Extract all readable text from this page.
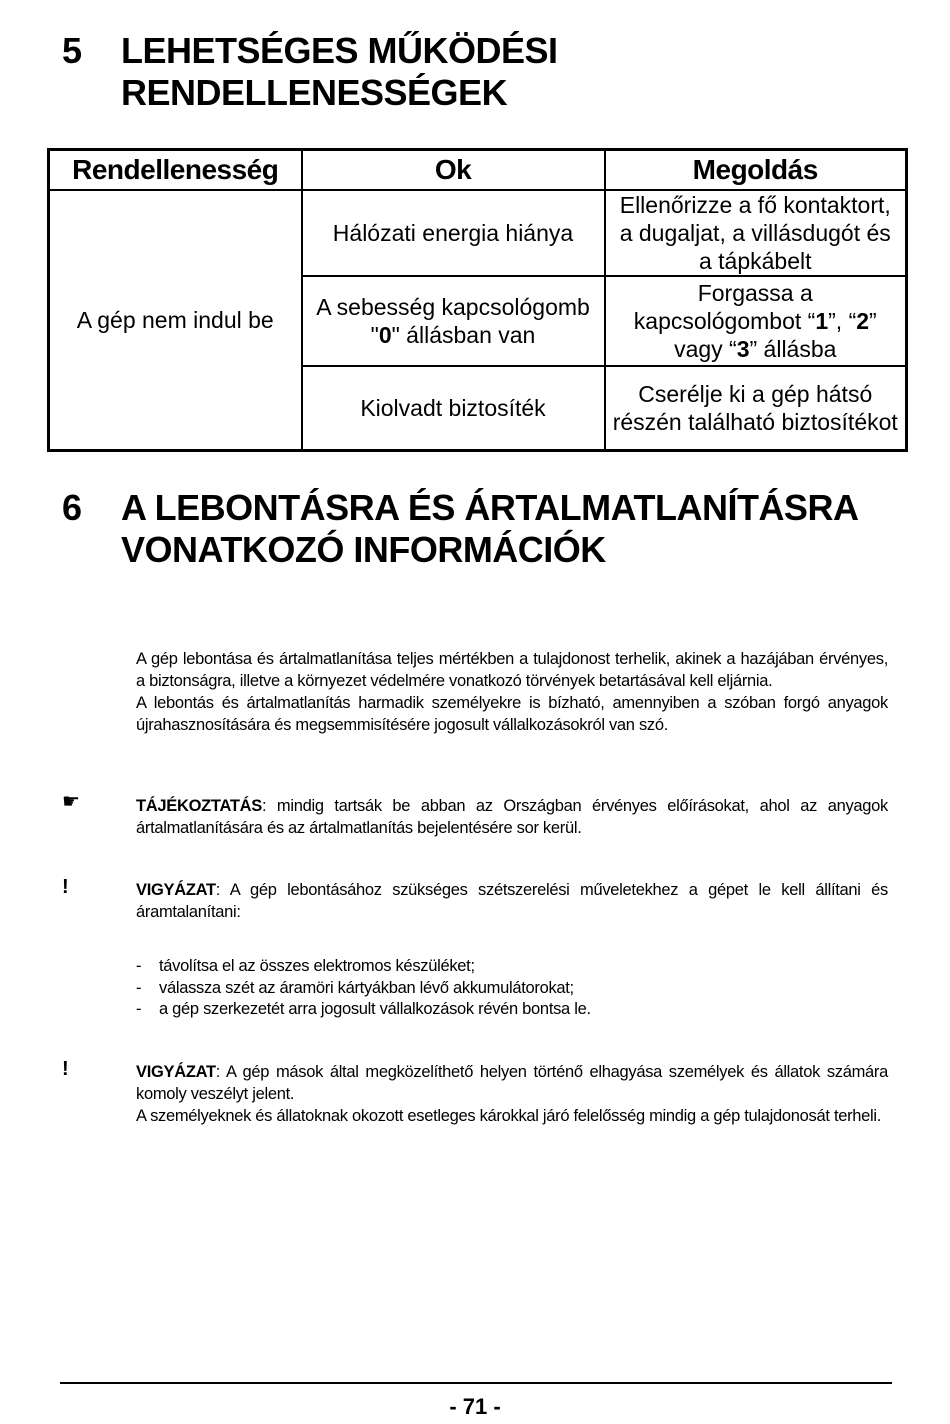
5	LEHETSÉGES MŰKÖDÉSI RENDELLENESSÉGEK
Rendellenesség	Ok	Megoldás
A gép nem indul be	Hálózati energia hiánya	Ellenőrizze a fő kontaktort, a dugaljat, a villásdugót és a tápkábelt
	A sebesség kapcsológomb "0" állásban van	Forgassa a kapcsológombot “1”, “2” vagy “3” állásba
	Kiolvadt biztosíték	Cserélje ki a gép hátsó részén található biztosítékot
6	A LEBONTÁSRA ÉS ÁRTALMATLANÍTÁSRA VONATKOZÓ INFORMÁCIÓK

A gép lebontása és ártalmatlanítása teljes mértékben a tulajdonost terhelik, akinek a hazájában érvényes, a biztonságra, illetve a környezet védelmére vonatkozó törvények betartásával kell eljárnia.

A lebontás és ártalmatlanítás harmadik személyekre is bízható, amennyiben a szóban forgó anyagok újrahasznosítására és megsemmisítésére jogosult vállalkozásokról van szó.

☛	TÁJÉKOZTATÁS: mindig tartsák be abban az Országban érvényes előírásokat, ahol az anyagok ártalmatlanítására és az ártalmatlanítás bejelentésére sor kerül.

!	VIGYÁZAT: A gép lebontásához szükséges szétszerelési műveletekhez a gépet le kell állítani és áramtalanítani:

- távolítsa el az összes elektromos készüléket;
- válassza szét az áramöri kártyákban lévő akkumulátorokat;
- a gép szerkezetét arra jogosult vállalkozások révén bontsa le.
!	VIGYÁZAT: A gép mások által megközelíthető helyen történő elhagyása személyek és állatok számára komoly veszélyt jelent.

A személyeknek és állatoknak okozott esetleges károkkal járó felelősség mindig a gép tulajdonosát terheli.

- 71 -
